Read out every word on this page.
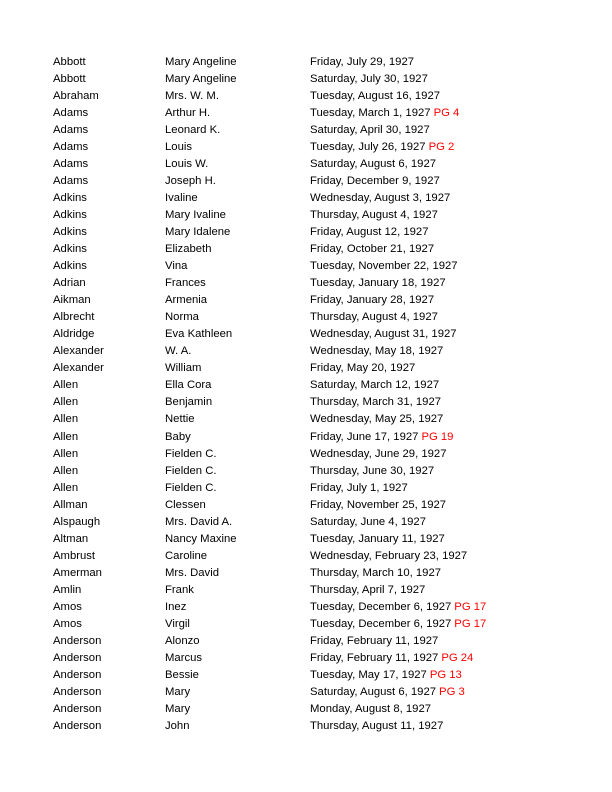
Abbott	Mary Angeline	Friday, July 29, 1927
Abbott	Mary Angeline	Saturday, July 30, 1927
Abraham	Mrs. W. M.	Tuesday, August 16, 1927
Adams	Arthur H.	Tuesday, March 1, 1927 PG 4
Adams	Leonard K.	Saturday, April 30, 1927
Adams	Louis	Tuesday, July 26, 1927 PG 2
Adams	Louis W.	Saturday, August 6, 1927
Adams	Joseph H.	Friday, December 9, 1927
Adkins	Ivaline	Wednesday, August 3, 1927
Adkins	Mary Ivaline	Thursday, August 4, 1927
Adkins	Mary Idalene	Friday, August 12, 1927
Adkins	Elizabeth	Friday, October 21, 1927
Adkins	Vina	Tuesday, November 22, 1927
Adrian	Frances	Tuesday, January 18, 1927
Aikman	Armenia	Friday, January 28, 1927
Albrecht	Norma	Thursday, August 4, 1927
Aldridge	Eva Kathleen	Wednesday, August 31, 1927
Alexander	W. A.	Wednesday, May 18, 1927
Alexander	William	Friday, May 20, 1927
Allen	Ella Cora	Saturday, March 12, 1927
Allen	Benjamin	Thursday, March 31, 1927
Allen	Nettie	Wednesday, May 25, 1927
Allen	Baby	Friday, June 17, 1927 PG 19
Allen	Fielden C.	Wednesday, June 29, 1927
Allen	Fielden C.	Thursday, June 30, 1927
Allen	Fielden C.	Friday, July 1, 1927
Allman	Clessen	Friday, November 25, 1927
Alspaugh	Mrs. David A.	Saturday, June 4, 1927
Altman	Nancy Maxine	Tuesday, January 11, 1927
Ambrust	Caroline	Wednesday, February 23, 1927
Amerman	Mrs. David	Thursday, March 10, 1927
Amlin	Frank	Thursday, April 7, 1927
Amos	Inez	Tuesday, December 6, 1927 PG 17
Amos	Virgil	Tuesday, December 6, 1927 PG 17
Anderson	Alonzo	Friday, February 11, 1927
Anderson	Marcus	Friday, February 11, 1927 PG 24
Anderson	Bessie	Tuesday, May 17, 1927 PG 13
Anderson	Mary	Saturday, August 6, 1927 PG 3
Anderson	Mary	Monday, August 8, 1927
Anderson	John	Thursday, August 11, 1927
